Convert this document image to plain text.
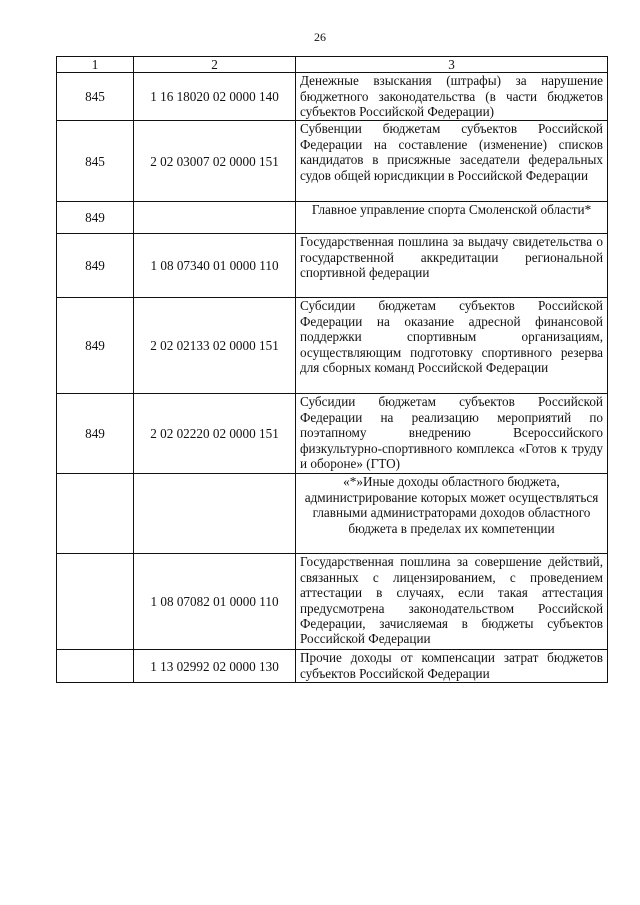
26
1	2	3
845	1 16 18020 02 0000 140	Денежные взыскания (штрафы) за нарушение бюджетного законодательства (в части бюджетов субъектов Российской Федерации)
845	2 02 03007 02 0000 151	Субвенции бюджетам субъектов Российской Федерации на составление (изменение) списков кандидатов в присяжные заседатели федеральных судов общей юрисдикции в Российской Федерации
849		Главное управление спорта Смоленской области*
849	1 08 07340 01 0000 110	Государственная пошлина за выдачу свидетельства о государственной аккредитации региональной спортивной федерации
849	2 02 02133 02 0000 151	Субсидии бюджетам субъектов Российской Федерации на оказание адресной финансовой поддержки спортивным организациям, осуществляющим подготовку спортивного резерва для сборных команд Российской Федерации
849	2 02 02220 02 0000 151	Субсидии бюджетам субъектов Российской Федерации на реализацию мероприятий по поэтапному внедрению Всероссийского физкультурно-спортивного комплекса «Готов к труду и обороне» (ГТО)
		«*»Иные доходы областного бюджета, администрирование которых может осуществляться главными администраторами доходов областного бюджета в пределах их компетенции
	1 08 07082 01 0000 110	Государственная пошлина за совершение действий, связанных с лицензированием, с проведением аттестации в случаях, если такая аттестация предусмотрена законодательством Российской Федерации, зачисляемая в бюджеты субъектов Российской Федерации
	1 13 02992 02 0000 130	Прочие доходы от компенсации затрат бюджетов субъектов Российской Федерации
